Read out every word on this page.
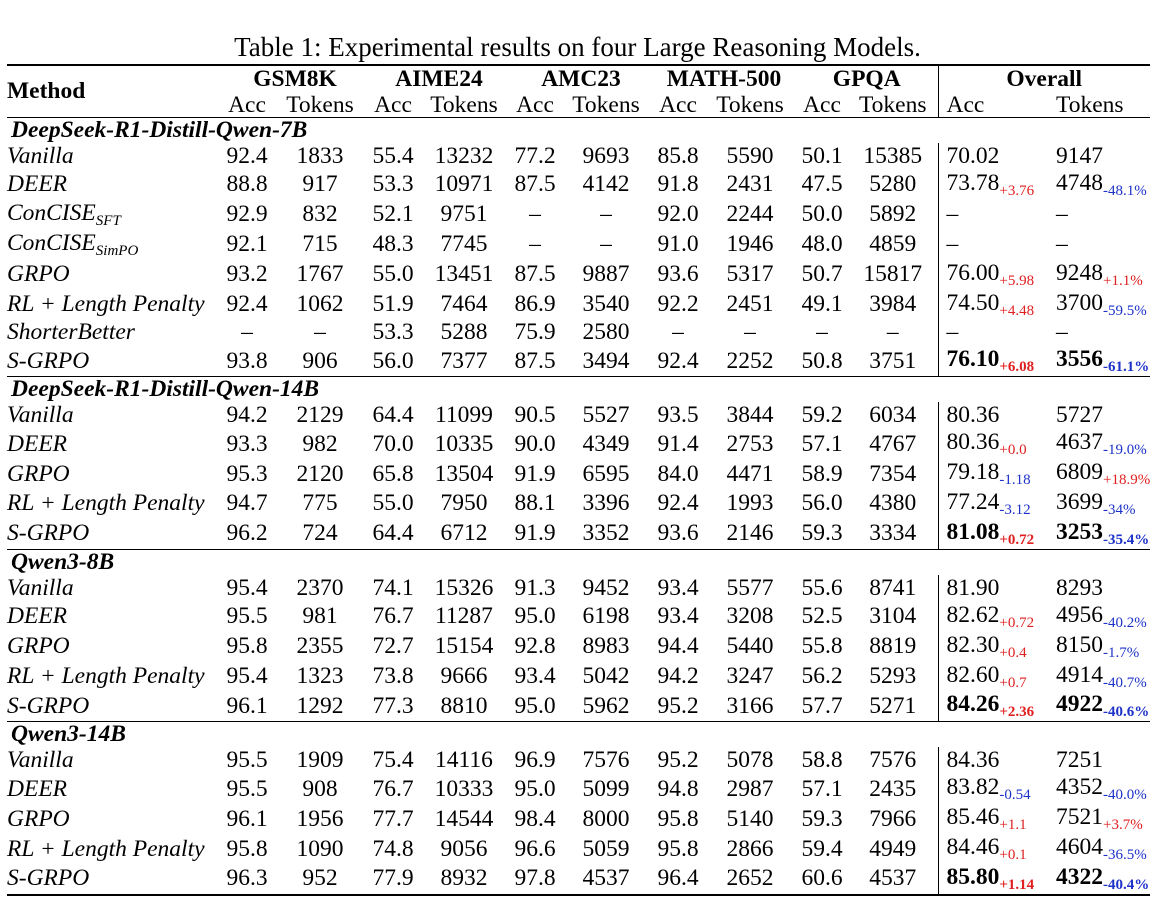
Table 1: Experimental results on four Large Reasoning Models.

Method	GSM8K		AIME24		AMC23		MATH-500		GPQA		Overall	
	Acc	Tokens	Acc	Tokens	Acc	Tokens	Acc	Tokens	Acc	Tokens	Acc	Tokens

DeepSeek-R1-Distill-Qwen-7B												
Vanilla	92.4	1833	55.4	13232	77.2	9693	85.8	5590	50.1	15385	70.02	9147
DEER	88.8	917	53.3	10971	87.5	4142	91.8	2431	47.5	5280	$73.78_{+3.76}$	$4748_{-48.1\%}$
ConCISE$_{SFT}$	92.9	832	52.1	9751	–	–	92.0	2244	50.0	5892	–	–
ConCISE$_{SimPO}$	92.1	715	48.3	7745	–	–	91.0	1946	48.0	4859	–	–
GRPO	93.2	1767	55.0	13451	87.5	9887	93.6	5317	50.7	15817	$76.00_{+5.98}$	$9248_{+1.1\%}$
RL + Length Penalty	92.4	1062	51.9	7464	86.9	3540	92.2	2451	49.1	3984	$74.50_{+4.48}$	$3700_{-59.5\%}$
ShorterBetter	–	–	53.3	5288	75.9	2580	–	–	–	–	–	–
S-GRPO	93.8	906	56.0	7377	87.5	3494	92.4	2252	50.8	3751	$76.10_{+6.08}$	$3556_{-61.1\%}$

DeepSeek-R1-Distill-Qwen-14B												
Vanilla	94.2	2129	64.4	11099	90.5	5527	93.5	3844	59.2	6034	80.36	5727
DEER	93.3	982	70.0	10335	90.0	4349	91.4	2753	57.1	4767	$80.36_{+0.0}$	$4637_{-19.0\%}$
GRPO	95.3	2120	65.8	13504	91.9	6595	84.0	4471	58.9	7354	$79.18_{-1.18}$	$6809_{+18.9\%}$
RL + Length Penalty	94.7	775	55.0	7950	88.1	3396	92.4	1993	56.0	4380	$77.24_{-3.12}$	$3699_{-34\%}$
S-GRPO	96.2	724	64.4	6712	91.9	3352	93.6	2146	59.3	3334	$81.08_{+0.72}$	$3253_{-35.4\%}$

Qwen3-8B												
Vanilla	95.4	2370	74.1	15326	91.3	9452	93.4	5577	55.6	8741	81.90	8293
DEER	95.5	981	76.7	11287	95.0	6198	93.4	3208	52.5	3104	$82.62_{+0.72}$	$4956_{-40.2\%}$
GRPO	95.8	2355	72.7	15154	92.8	8983	94.4	5440	55.8	8819	$82.30_{+0.4}$	$8150_{-1.7\%}$
RL + Length Penalty	95.4	1323	73.8	9666	93.4	5042	94.2	3247	56.2	5293	$82.60_{+0.7}$	$4914_{-40.7\%}$
S-GRPO	96.1	1292	77.3	8810	95.0	5962	95.2	3166	57.7	5271	$84.26_{+2.36}$	$4922_{-40.6\%}$

Qwen3-14B												
Vanilla	95.5	1909	75.4	14116	96.9	7576	95.2	5078	58.8	7576	84.36	7251
DEER	95.5	908	76.7	10333	95.0	5099	94.8	2987	57.1	2435	$83.82_{-0.54}$	$4352_{-40.0\%}$
GRPO	96.1	1956	77.7	14544	98.4	8000	95.8	5140	59.3	7966	$85.46_{+1.1}$	$7521_{+3.7\%}$
RL + Length Penalty	95.8	1090	74.8	9056	96.6	5059	95.8	2866	59.4	4949	$84.46_{+0.1}$	$4604_{-36.5\%}$
S-GRPO	96.3	952	77.9	8932	97.8	4537	96.4	2652	60.6	4537	$85.80_{+1.14}$	$4322_{-40.4\%}$
